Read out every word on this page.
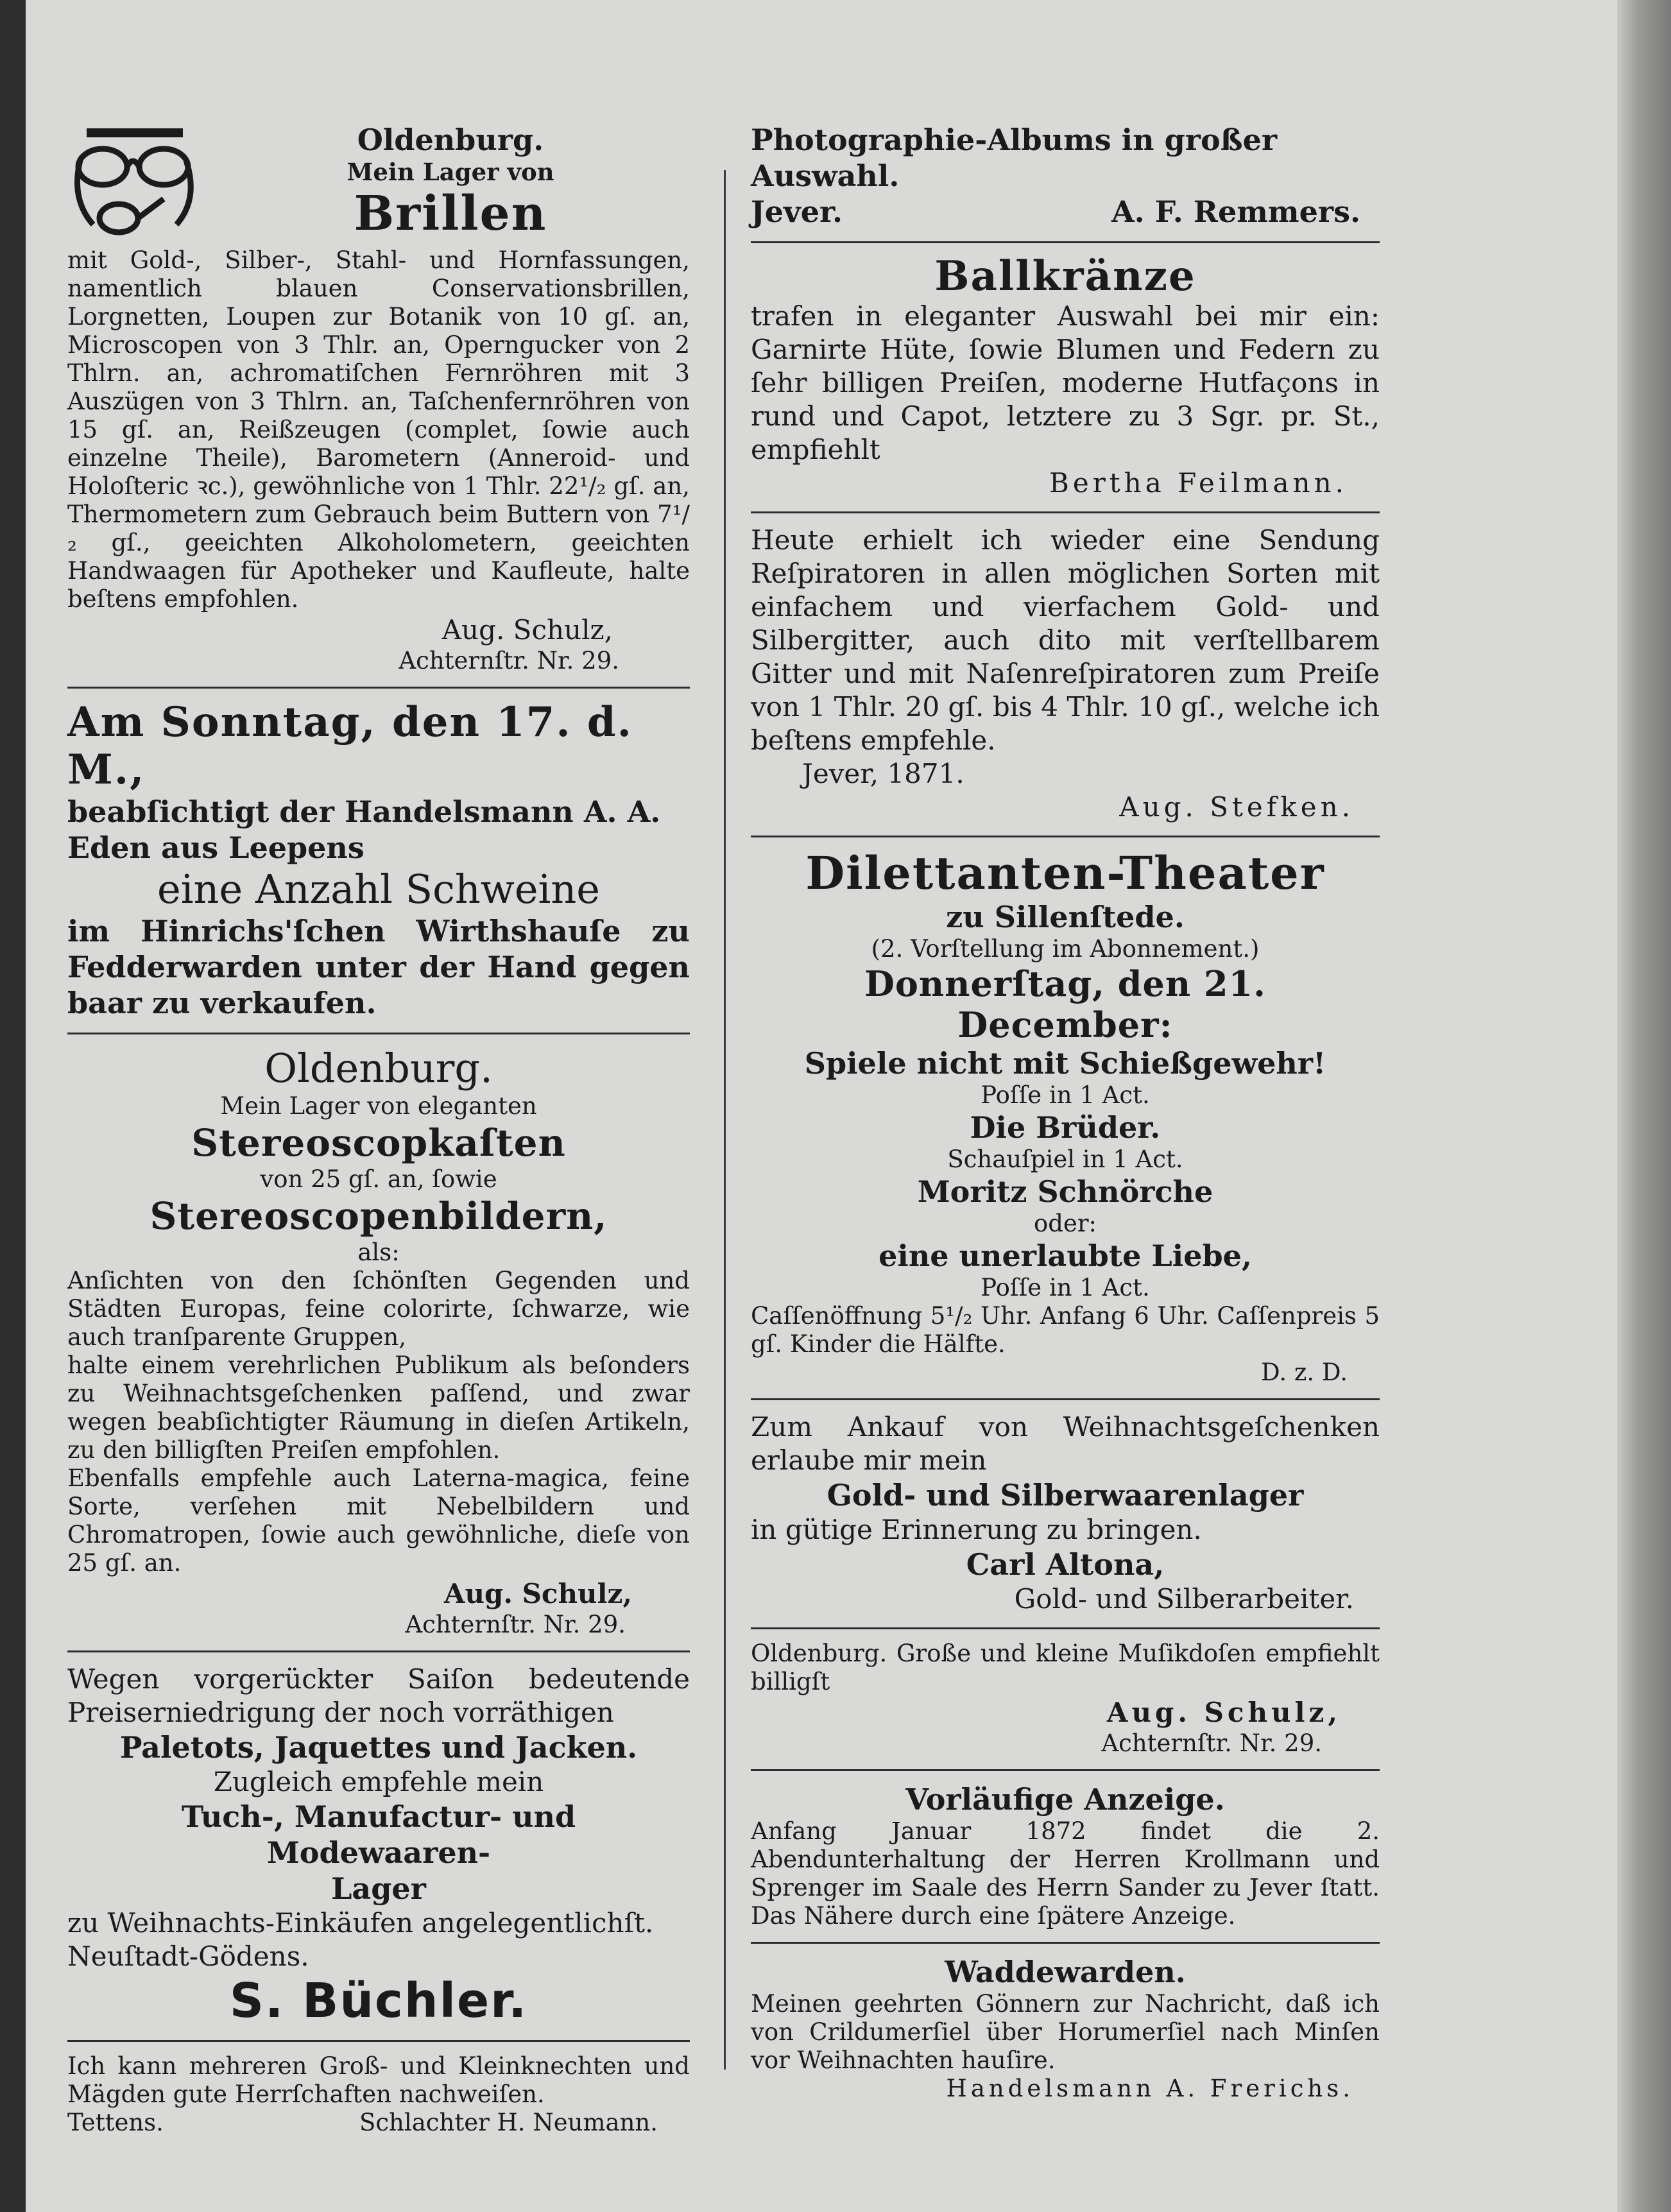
Oldenburg.

Mein Lager von

Brillen

mit Gold-, Silber-, Stahl- und Hornfassungen, namentlich blauen Conservationsbrillen, Lorgnetten, Loupen zur Botanik von 10 gſ. an, Microscopen von 3 Thlr. an, Operngucker von 2 Thlrn. an, achromatiſchen Fernröhren mit 3 Auszügen von 3 Thlrn. an, Taſchenfernröhren von 15 gſ. an, Reißzeugen (complet, ſowie auch einzelne Theile), Barometern (Anneroid- und Holoſteric ꝛc.), gewöhnliche von 1 Thlr. 22¹/₂ gſ. an, Thermometern zum Gebrauch beim Buttern von 7¹/₂ gſ., geeichten Alkoholometern, geeichten Handwaagen für Apotheker und Kaufleute, halte beſtens empfohlen.

Aug. Schulz,

Achternſtr. Nr. 29.

Am Sonntag, den 17. d. M.,

beabſichtigt der Handelsmann A. A.

Eden aus Leepens

eine Anzahl Schweine

im Hinrichs'ſchen Wirthshauſe zu Fedderwarden unter der Hand gegen baar zu verkaufen.

Oldenburg.

Mein Lager von eleganten

Stereoscopkaſten

von 25 gſ. an, ſowie

Stereoscopenbildern,

als:

Anſichten von den ſchönſten Gegenden und Städten Europas, feine colorirte, ſchwarze, wie auch tranſparente Gruppen,

halte einem verehrlichen Publikum als beſonders zu Weihnachtsgeſchenken paſſend, und zwar wegen beabſichtigter Räumung in dieſen Artikeln, zu den billigſten Preiſen empfohlen.

Ebenfalls empfehle auch Laterna-magica, feine Sorte, verſehen mit Nebelbildern und Chromatropen, ſowie auch gewöhnliche, dieſe von 25 gſ. an.

Aug. Schulz,

Achternſtr. Nr. 29.

Wegen vorgerückter Saiſon bedeutende Preiserniedrigung der noch vorräthigen

Paletots, Jaquettes und Jacken.

Zugleich empfehle mein

Tuch-, Manufactur- und Modewaaren-

Lager

zu Weihnachts-Einkäufen angelegentlichſt.

Neuſtadt-Gödens.

S. Büchler.

Ich kann mehreren Groß- und Kleinknechten und Mägden gute Herrſchaften nachweiſen.

Tettens.	Schlachter H. Neumann.

Photographie-Albums in großer Auswahl.

Jever.	A. F. Remmers.

Ballkränze

trafen in eleganter Auswahl bei mir ein: Garnirte Hüte, ſowie Blumen und Federn zu ſehr billigen Preiſen, moderne Hutfaçons in rund und Capot, letztere zu 3 Sgr. pr. St., empfiehlt

Bertha Feilmann.

Heute erhielt ich wieder eine Sendung Reſpiratoren in allen möglichen Sorten mit einfachem und vierfachem Gold- und Silbergitter, auch dito mit verſtellbarem Gitter und mit Naſenreſpiratoren zum Preiſe von 1 Thlr. 20 gſ. bis 4 Thlr. 10 gſ., welche ich beſtens empfehle.

Jever, 1871.

Aug. Stefken.

Dilettanten-Theater

zu Sillenſtede.

(2. Vorſtellung im Abonnement.)

Donnerſtag, den 21. December:

Spiele nicht mit Schießgewehr!

Poſſe in 1 Act.

Die Brüder.

Schauſpiel in 1 Act.

Moritz Schnörche

oder:

eine unerlaubte Liebe,

Poſſe in 1 Act.

Caſſenöffnung 5¹/₂ Uhr. Anfang 6 Uhr. Caſſenpreis 5 gſ. Kinder die Hälfte.

D. z. D.

Zum Ankauf von Weihnachtsgeſchenken erlaube mir mein

Gold- und Silberwaarenlager

in gütige Erinnerung zu bringen.

Carl Altona,

Gold- und Silberarbeiter.

Oldenburg. Große und kleine Muſikdoſen empfiehlt billigſt

Aug. Schulz,

Achternſtr. Nr. 29.

Vorläufige Anzeige.

Anfang Januar 1872 findet die 2. Abendunterhaltung der Herren Krollmann und Sprenger im Saale des Herrn Sander zu Jever ſtatt. Das Nähere durch eine ſpätere Anzeige.

Waddewarden.

Meinen geehrten Gönnern zur Nachricht, daß ich von Crildumerſiel über Horumerſiel nach Minſen vor Weihnachten hauſire.

Handelsmann A. Frerichs.
